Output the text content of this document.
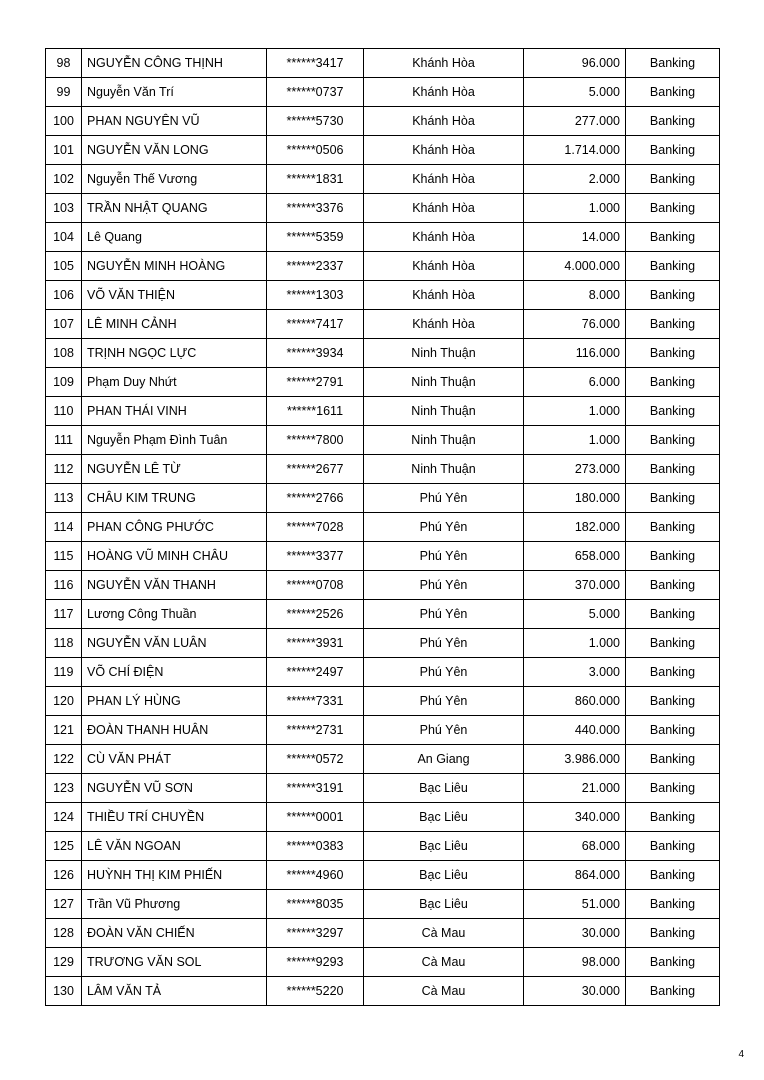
98	NGUYỄN CÔNG THỊNH	******3417	Khánh Hòa	96.000	Banking
99	Nguyễn Văn Trí	******0737	Khánh Hòa	5.000	Banking
100	PHAN NGUYÊN VŨ	******5730	Khánh Hòa	277.000	Banking
101	NGUYỄN VĂN LONG	******0506	Khánh Hòa	1.714.000	Banking
102	Nguyễn Thế Vương	******1831	Khánh Hòa	2.000	Banking
103	TRẦN NHẬT QUANG	******3376	Khánh Hòa	1.000	Banking
104	Lê Quang	******5359	Khánh Hòa	14.000	Banking
105	NGUYỄN MINH HOÀNG	******2337	Khánh Hòa	4.000.000	Banking
106	VÕ VĂN THIỆN	******1303	Khánh Hòa	8.000	Banking
107	LÊ MINH CẢNH	******7417	Khánh Hòa	76.000	Banking
108	TRỊNH NGỌC LỰC	******3934	Ninh Thuận	116.000	Banking
109	Phạm Duy Nhứt	******2791	Ninh Thuận	6.000	Banking
110	PHAN THÁI VINH	******1611	Ninh Thuận	1.000	Banking
111	Nguyễn Phạm Đình Tuân	******7800	Ninh Thuận	1.000	Banking
112	NGUYỄN LÊ TỪ	******2677	Ninh Thuận	273.000	Banking
113	CHÂU KIM TRUNG	******2766	Phú Yên	180.000	Banking
114	PHAN CÔNG PHƯỚC	******7028	Phú Yên	182.000	Banking
115	HOÀNG VŨ MINH CHÂU	******3377	Phú Yên	658.000	Banking
116	NGUYỄN VĂN THANH	******0708	Phú Yên	370.000	Banking
117	Lương Công Thuần	******2526	Phú Yên	5.000	Banking
118	NGUYỄN VĂN LUÂN	******3931	Phú Yên	1.000	Banking
119	VÕ CHÍ ĐIỆN	******2497	Phú Yên	3.000	Banking
120	PHAN LÝ HÙNG	******7331	Phú Yên	860.000	Banking
121	ĐOÀN THANH HUÂN	******2731	Phú Yên	440.000	Banking
122	CÙ VĂN PHÁT	******0572	An Giang	3.986.000	Banking
123	NGUYỄN VŨ SƠN	******3191	Bạc Liêu	21.000	Banking
124	THIỀU TRÍ CHUYỀN	******0001	Bạc Liêu	340.000	Banking
125	LÊ VĂN NGOAN	******0383	Bạc Liêu	68.000	Banking
126	HUỲNH THỊ KIM PHIẾN	******4960	Bạc Liêu	864.000	Banking
127	Trần Vũ Phương	******8035	Bạc Liêu	51.000	Banking
128	ĐOÀN VĂN CHIẾN	******3297	Cà Mau	30.000	Banking
129	TRƯƠNG VĂN SOL	******9293	Cà Mau	98.000	Banking
130	LÂM VĂN TẢ	******5220	Cà Mau	30.000	Banking
4
